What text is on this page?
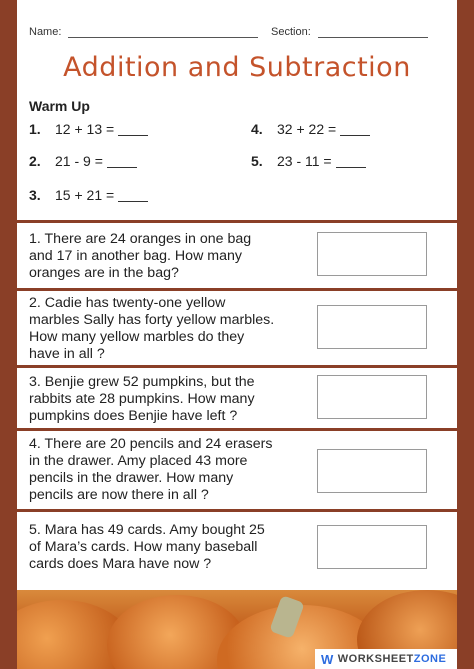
Name:	Section:
Addition and Subtraction
Warm Up
1. 12 + 13 =
2. 21 - 9 =
3. 15 + 21 =
4. 32 + 22 =
5. 23 - 11 =
1. There are 24 oranges in one bag
and 17 in another bag. How many
oranges are in the bag?
2. Cadie has twenty-one yellow
marbles Sally has forty yellow marbles.
How many yellow marbles do they
have in all ?
3. Benjie grew 52 pumpkins, but the
rabbits ate 28 pumpkins. How many
pumpkins does Benjie have left ?
4. There are 20 pencils and 24 erasers
in the drawer. Amy placed 43 more
pencils in the drawer. How many
pencils are now there in all ?
5. Mara has 49 cards. Amy bought 25
of Mara’s cards. How many baseball
cards does Mara have now ?
W WORKSHEET ZONE
